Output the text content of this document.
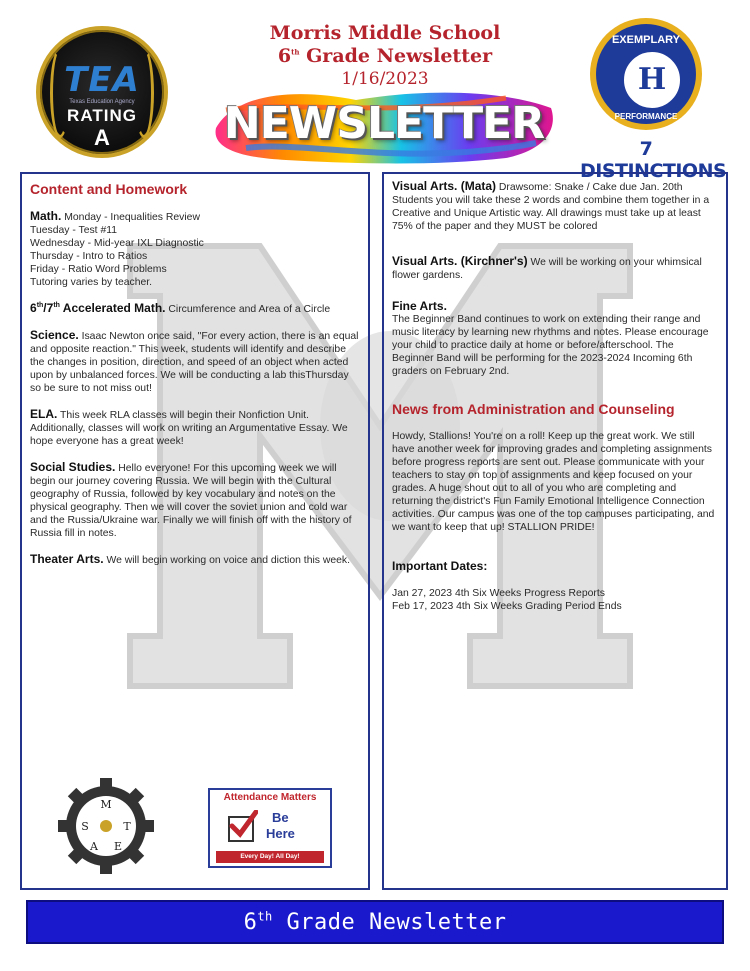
TEA
Texas Education Agency
RATING
A
Morris Middle School
6th Grade Newsletter
1/16/2023
NEWSLETTER
EXEMPLARY
H
PERFORMANCE
7 DISTINCTIONS
Content and Homework
Math. Monday - Inequalities Review
Tuesday - Test #11
Wednesday - Mid-year IXL Diagnostic
Thursday - Intro to Ratios
Friday - Ratio Word Problems
Tutoring varies by teacher.
6th/7th Accelerated Math. Circumference and Area of a Circle
Science. Isaac Newton once said, "For every action, there is an equal and opposite reaction." This week, students will identify and describe the changes in position, direction, and speed of an object when acted upon by unbalanced forces. We will be conducting a lab thisThursday so be sure to not miss out!
ELA. This week RLA classes will begin their Nonfiction Unit. Additionally, classes will work on writing an Argumentative Essay. We hope everyone has a great week!
Social Studies. Hello everyone! For this upcoming week we will begin our journey covering Russia. We will begin with the Cultural geography of Russia, followed by key vocabulary and notes on the physical geography. Then we will cover the soviet union and cold war and the Russia/Ukraine war. Finally we will finish off with the history of Russia fill in notes.
Theater Arts. We will begin working on voice and diction this week.
M
S	T
A E
Attendance Matters
Be
Here
Every Day! All Day!
Visual Arts. (Mata) Drawsome: Snake / Cake due Jan. 20th Students you will take these 2 words and combine them together in a Creative and Unique Artistic way. All drawings must take up at least 75% of the paper and they MUST be colored
Visual Arts. (Kirchner's) We will be working on your whimsical flower gardens.
Fine Arts.
The Beginner Band continues to work on extending their range and music literacy by learning new rhythms and notes. Please encourage your child to practice daily at home or before/afterschool. The Beginner Band will be performing for the 2023-2024 Incoming 6th graders on February 2nd.
News from Administration and Counseling
Howdy, Stallions! You're on a roll! Keep up the great work. We still have another week for improving grades and completing assignments before progress reports are sent out. Please communicate with your teachers to stay on top of assignments and keep focused on your grades. A huge shout out to all of you who are completing and returning the district's Fun Family Emotional Intelligence Connection activities. Our campus was one of the top campuses participating, and we want to keep that up! STALLION PRIDE!
Important Dates:
Jan 27, 2023 4th Six Weeks Progress Reports
Feb 17, 2023 4th Six Weeks Grading Period Ends
6th Grade Newsletter
